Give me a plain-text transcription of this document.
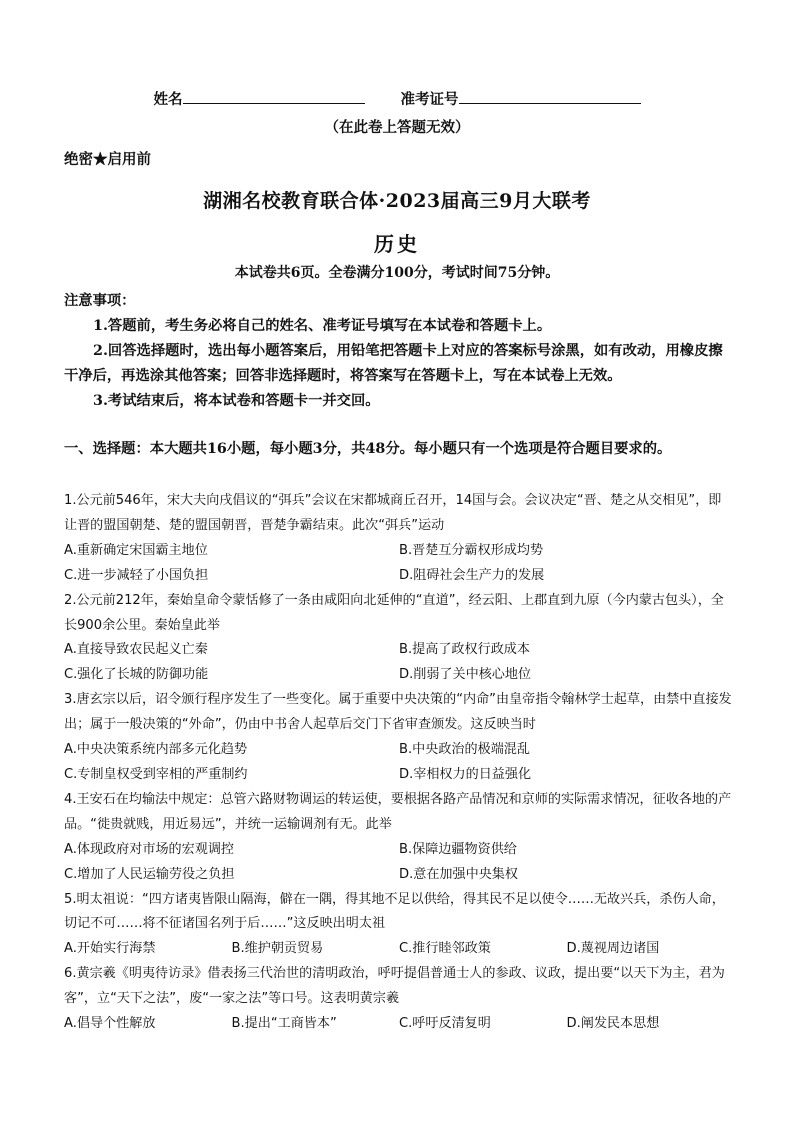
姓名	准考证号
（在此卷上答题无效）
绝密★启用前
湖湘名校教育联合体·2023届高三9月大联考
历史
本试卷共6页。全卷满分100分，考试时间75分钟。

注意事项：

1.答题前，考生务必将自己的姓名、准考证号填写在本试卷和答题卡上。

2.回答选择题时，选出每小题答案后，用铅笔把答题卡上对应的答案标号涂黑，如有改动，用橡皮擦干净后，再选涂其他答案；回答非选择题时，将答案写在答题卡上，写在本试卷上无效。

3.考试结束后，将本试卷和答题卡一并交回。

一、选择题：本大题共16小题，每小题3分，共48分。每小题只有一个选项是符合题目要求的。

1.公元前546年，宋大夫向戌倡议的“弭兵”会议在宋都城商丘召开，14国与会。会议决定“晋、楚之从交相见”，即让晋的盟国朝楚、楚的盟国朝晋，晋楚争霸结束。此次“弭兵”运动

A.重新确定宋国霸主地位	B.晋楚互分霸权形成均势
C.进一步减轻了小国负担	D.阻碍社会生产力的发展

2.公元前212年，秦始皇命令蒙恬修了一条由咸阳向北延伸的“直道”，经云阳、上郡直到九原（今内蒙古包头），全长900余公里。秦始皇此举

A.直接导致农民起义亡秦	B.提高了政权行政成本
C.强化了长城的防御功能	D.削弱了关中核心地位

3.唐玄宗以后，诏令颁行程序发生了一些变化。属于重要中央决策的“内命”由皇帝指令翰林学士起草，由禁中直接发出；属于一般决策的“外命”，仍由中书舍人起草后交门下省审查颁发。这反映当时

A.中央决策系统内部多元化趋势	B.中央政治的极端混乱
C.专制皇权受到宰相的严重制约	D.宰相权力的日益强化

4.王安石在均输法中规定：总管六路财物调运的转运使，要根据各路产品情况和京师的实际需求情况，征收各地的产品。“徙贵就贱，用近易远”，并统一运输调剂有无。此举

A.体现政府对市场的宏观调控	B.保障边疆物资供给
C.增加了人民运输劳役之负担	D.意在加强中央集权

5.明太祖说：“四方诸夷皆限山隔海，僻在一隅，得其地不足以供给，得其民不足以使令……无故兴兵，杀伤人命，切记不可……将不征诸国名列于后……”这反映出明太祖

A.开始实行海禁	B.维护朝贡贸易	C.推行睦邻政策	D.蔑视周边诸国

6.黄宗羲《明夷待访录》借表扬三代治世的清明政治，呼吁提倡普通士人的参政、议政，提出要“以天下为主，君为客”，立“天下之法”，废“一家之法”等口号。这表明黄宗羲

A.倡导个性解放	B.提出“工商皆本”	C.呼吁反清复明	D.阐发民本思想
